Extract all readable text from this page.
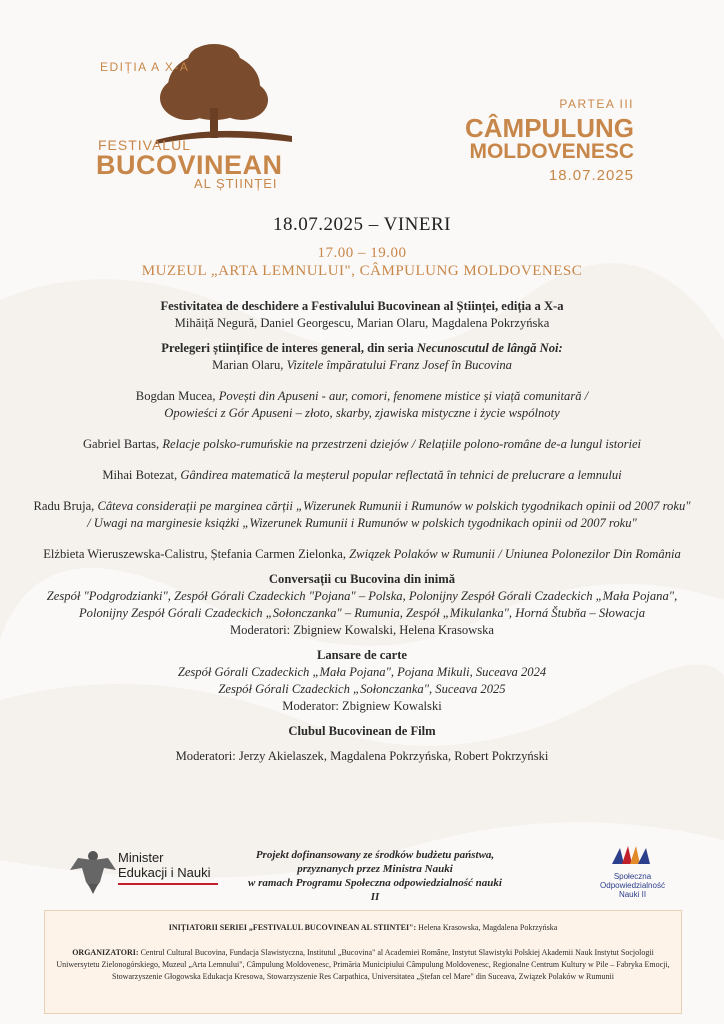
EDIȚIA A X-A
FESTIVALUL
BUCOVINEAN
AL ȘTIINȚEI
PARTEA III
CÂMPULUNG
MOLDOVENESC
18.07.2025
18.07.2025 – VINERI
17.00 – 19.00
MUZEUL „ARTA LEMNULUI", CÂMPULUNG MOLDOVENESC

Festivitatea de deschidere a Festivalului Bucovinean al Științei, ediția a X-a

Mihăiță Negură, Daniel Georgescu, Marian Olaru, Magdalena Pokrzyńska

Prelegeri științifice de interes general, din seria Necunoscutul de lângă Noi:

Marian Olaru, Vizitele împăratului Franz Josef în Bucovina

Bogdan Mucea, Povești din Apuseni - aur, comori, fenomene mistice și viață comunitară /

Opowieści z Gór Apuseni – złoto, skarby, zjawiska mistyczne i życie wspólnoty

Gabriel Bartas, Relacje polsko-rumuńskie na przestrzeni dziejów / Relațiile polono-române de-a lungul istoriei

Mihai Botezat, Gândirea matematică la meșterul popular reflectată în tehnici de prelucrare a lemnului

Radu Bruja, Câteva considerații pe marginea cărții „Wizerunek Rumunii i Rumunów w polskich tygodnikach opinii od 2007 roku"

/ Uwagi na marginesie książki „Wizerunek Rumunii i Rumunów w polskich tygodnikach opinii od 2007 roku"

Elżbieta Wieruszewska-Calistru, Ștefania Carmen Zielonka, Związek Polaków w Rumunii / Uniunea Polonezilor Din România

Conversații cu Bucovina din inimă

Zespół "Podgrodzianki", Zespół Górali Czadeckich "Pojana" – Polska, Polonijny Zespół Górali Czadeckich „Mała Pojana",

Polonijny Zespół Górali Czadeckich „Sołonczanka" – Rumunia, Zespół „Mikulanka", Horná Štubňa – Słowacja

Moderatori: Zbigniew Kowalski, Helena Krasowska

Lansare de carte

Zespół Górali Czadeckich „Mała Pojana", Pojana Mikuli, Suceava 2024

Zespół Górali Czadeckich „Sołonczanka", Suceava 2025

Moderator: Zbigniew Kowalski

Clubul Bucovinean de Film

Moderatori: Jerzy Akielaszek, Magdalena Pokrzyńska, Robert Pokrzyński

Minister
Edukacji i Nauki
Projekt dofinansowany ze środków budżetu państwa,
przyznanych przez Ministra Nauki
w ramach Programu Społeczna odpowiedzialność nauki II
Społeczna
Odpowiedzialność
Nauki II
INIȚIATORII SERIEI „FESTIVALUL BUCOVINEAN AL STIINTEI": Helena Krasowska, Magdalena Pokrzyńska
ORGANIZATORI: Centrul Cultural Bucovina, Fundacja Slawistyczna, Institutul „Bucovina" al Academiei Române, Instytut Slawistyki Polskiej Akademii Nauk Instytut Socjologii Uniwersytetu Zielonogórskiego, Muzeul „Arta Lemnului", Câmpulung Moldovenesc, Primăria Municipiului Câmpulung Moldovenesc, Regionalne Centrum Kultury w Pile – Fabryka Emocji, Stowarzyszenie Głogowska Edukacja Kresowa, Stowarzyszenie Res Carpathica, Universitatea „Ștefan cel Mare" din Suceava, Związek Polaków w Rumunii
